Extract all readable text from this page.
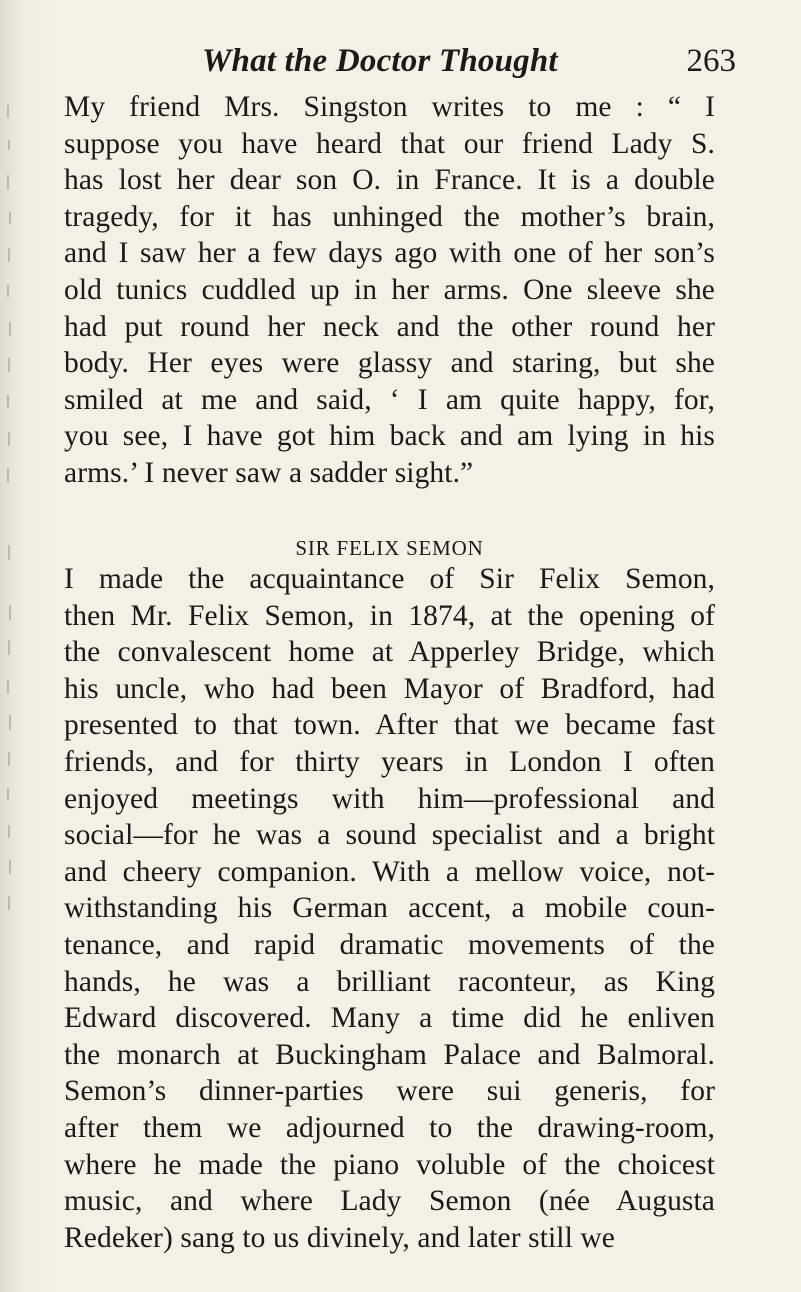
What the Doctor Thought	263
My friend Mrs. Singston writes to me : “ I
suppose you have heard that our friend Lady S.
has lost her dear son O. in France. It is a double
tragedy, for it has unhinged the mother’s brain,
and I saw her a few days ago with one of her son’s
old tunics cuddled up in her arms. One sleeve she
had put round her neck and the other round her
body. Her eyes were glassy and staring, but she
smiled at me and said, ‘ I am quite happy, for,
you see, I have got him back and am lying in his
arms.’ I never saw a sadder sight.”
SIR FELIX SEMON
I made the acquaintance of Sir Felix Semon,
then Mr. Felix Semon, in 1874, at the opening of
the convalescent home at Apperley Bridge, which
his uncle, who had been Mayor of Bradford, had
presented to that town. After that we became fast
friends, and for thirty years in London I often
enjoyed meetings with him—professional and
social—for he was a sound specialist and a bright
and cheery companion. With a mellow voice, not-
withstanding his German accent, a mobile coun-
tenance, and rapid dramatic movements of the
hands, he was a brilliant raconteur, as King
Edward discovered. Many a time did he enliven
the monarch at Buckingham Palace and Balmoral.
Semon’s dinner-parties were sui generis, for
after them we adjourned to the drawing-room,
where he made the piano voluble of the choicest
music, and where Lady Semon (née Augusta
Redeker) sang to us divinely, and later still we
